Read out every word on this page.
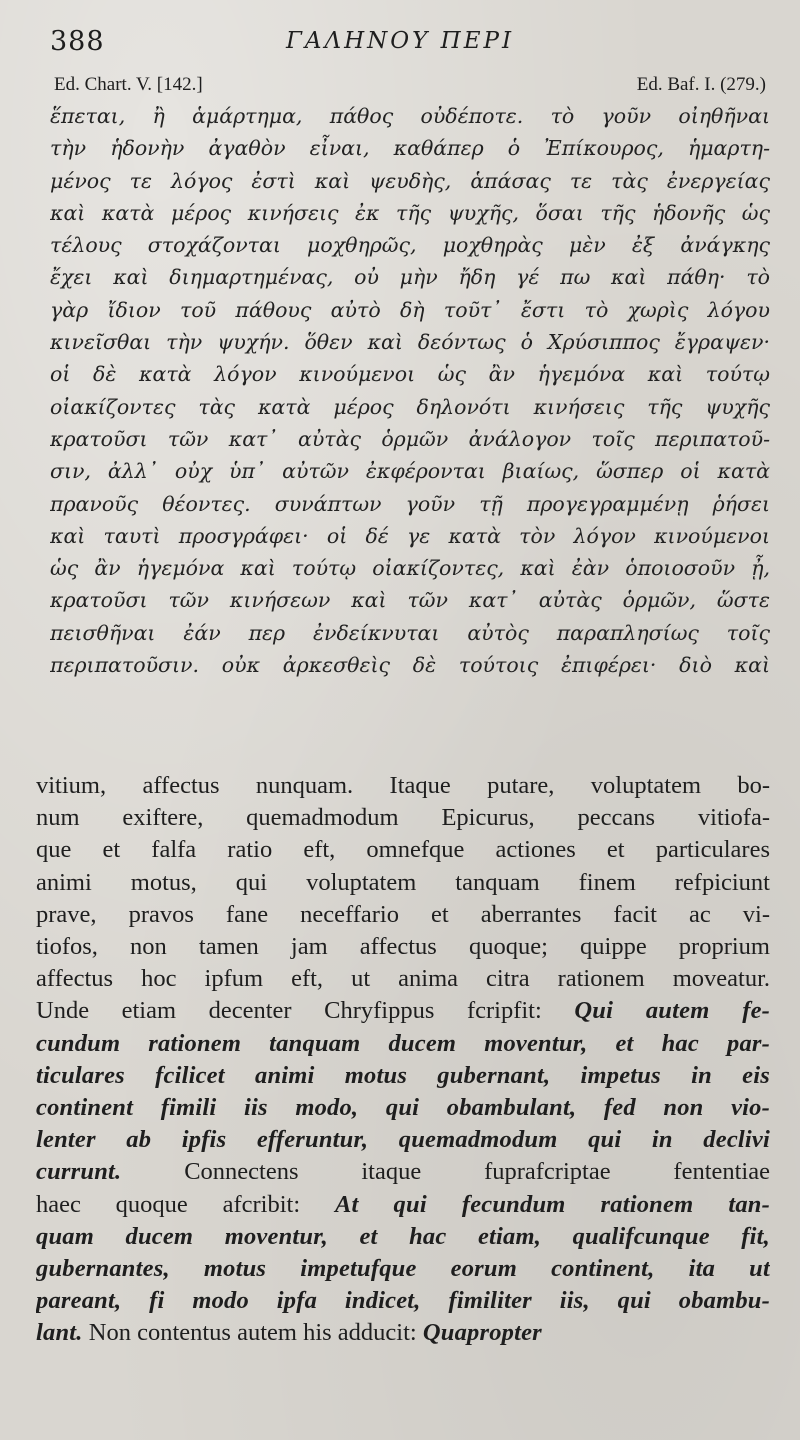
388	ΓΑΛΗΝΟΥ ΠΕΡΙ
Ed. Chart. V. [142.]	Ed. Baf. I. (279.)
ἕπεται, ἢ ἁμάρτημα, πάθος οὐδέποτε. τὸ γοῦν οἰηθῆναι
τὴν ἡδονὴν ἀγαθὸν εἶναι, καθάπερ ὁ Ἐπίκουρος, ἡμαρτη-
μένος τε λόγος ἐστὶ καὶ ψευδὴς, ἁπάσας τε τὰς ἐνεργείας
καὶ κατὰ μέρος κινήσεις ἐκ τῆς ψυχῆς, ὅσαι τῆς ἡδονῆς ὡς
τέλους στοχάζονται μοχθηρῶς, μοχθηρὰς μὲν ἐξ ἀνάγκης
ἔχει καὶ διημαρτημένας, οὐ μὴν ἤδη γέ πω καὶ πάθη· τὸ
γὰρ ἴδιον τοῦ πάθους αὐτὸ δὴ τοῦτ᾽ ἔστι τὸ χωρὶς λόγου
κινεῖσθαι τὴν ψυχήν. ὅθεν καὶ δεόντως ὁ Χρύσιππος ἔγραψεν·
οἱ δὲ κατὰ λόγον κινούμενοι ὡς ἂν ἡγεμόνα καὶ τούτῳ
οἰακίζοντες τὰς κατὰ μέρος δηλονότι κινήσεις τῆς ψυχῆς
κρατοῦσι τῶν κατ᾽ αὐτὰς ὁρμῶν ἀνάλογον τοῖς περιπατοῦ-
σιν, ἀλλ᾽ οὐχ ὑπ᾽ αὐτῶν ἐκφέρονται βιαίως, ὥσπερ οἱ κατὰ
πρανοῦς θέοντες. συνάπτων γοῦν τῇ προγεγραμμένῃ ῥήσει
καὶ ταυτὶ προσγράφει· οἱ δέ γε κατὰ τὸν λόγον κινούμενοι
ὡς ἂν ἡγεμόνα καὶ τούτῳ οἰακίζοντες, καὶ ἐὰν ὁποιοσοῦν ᾖ,
κρατοῦσι τῶν κινήσεων καὶ τῶν κατ᾽ αὐτὰς ὁρμῶν, ὥστε
πεισθῆναι ἐάν περ ἐνδείκνυται αὐτὸς παραπλησίως τοῖς
περιπατοῦσιν. οὐκ ἀρκεσθεὶς δὲ τούτοις ἐπιφέρει· διὸ καὶ
vitium, affectus nunquam. Itaque putare, voluptatem bo-
num exiftere, quemadmodum Epicurus, peccans vitiofa-
que et falfa ratio eft, omnefque actiones et particulares
animi motus, qui voluptatem tanquam finem refpiciunt
prave, pravos fane neceffario et aberrantes facit ac vi-
tiofos, non tamen jam affectus quoque; quippe proprium
affectus hoc ipfum eft, ut anima citra rationem moveatur.
Unde etiam decenter Chryfippus fcripfit: Qui autem fe-
cundum rationem tanquam ducem moventur, et hac par-
ticulares fcilicet animi motus gubernant, impetus in eis
continent fimili iis modo, qui obambulant, fed non vio-
lenter ab ipfis efferuntur, quemadmodum qui in declivi
currunt. Connectens itaque fuprafcriptae fententiae
haec quoque afcribit: At qui fecundum rationem tan-
quam ducem moventur, et hac etiam, qualifcunque fit,
gubernantes, motus impetufque eorum continent, ita ut
pareant, fi modo ipfa indicet, fimiliter iis, qui obambu-
lant. Non contentus autem his adducit: Quapropter
